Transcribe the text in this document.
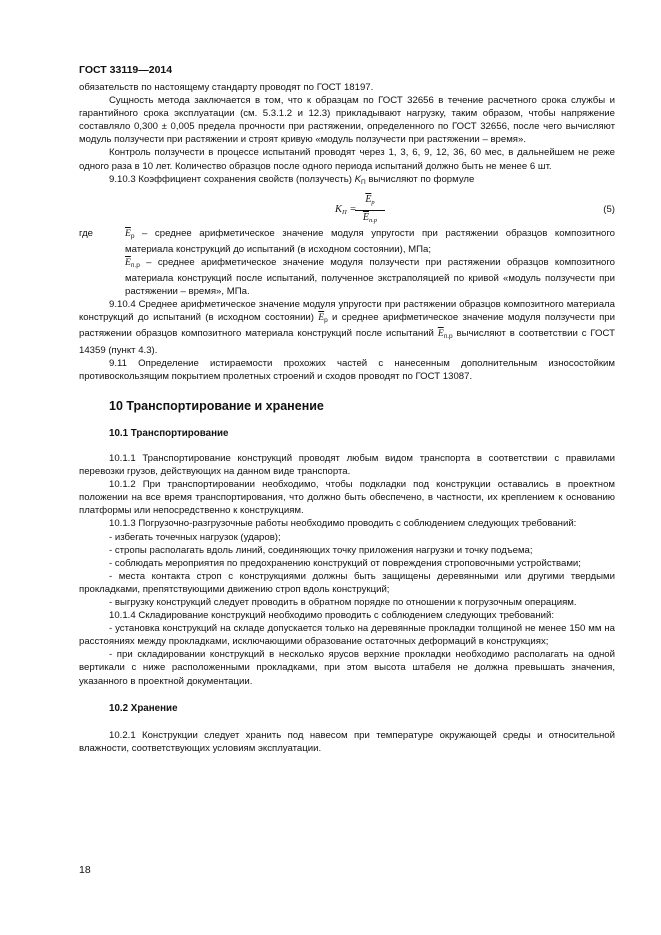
ГОСТ 33119—2014

обязательств по настоящему стандарту проводят по ГОСТ 18197.

Сущность метода заключается в том, что к образцам по ГОСТ 32656 в течение расчетного срока службы и гарантийного срока эксплуатации (см. 5.3.1.2 и 12.3) прикладывают нагрузку, таким образом, чтобы напряжение составляло 0,300 ± 0,005 предела прочности при растяжении, определенного по ГОСТ 32656, после чего вычисляют модуль ползучести при растяжении и строят кривую «модуль ползучести при растяжении – время».

Контроль ползучести в процессе испытаний проводят через 1, 3, 6, 9, 12, 36, 60 мес, в дальнейшем не реже одного раза в 10 лет. Количество образцов после одного периода испытаний должно быть не менее 6 шт.

9.10.3 Коэффициент сохранения свойств (ползучесть) $K_П$ вычисляют по формуле

$K_П$ =
$\overline{E}_р$
$\overline{E}_{п.р}$
(5)
где	$\overline{E}_р$ – среднее арифметическое значение модуля упругости при растяжении образцов композитного материала конструкций до испытаний (в исходном состоянии), МПа;
$\overline{E}_{п.р}$ – среднее арифметическое значение модуля ползучести при растяжении образцов композитного материала конструкций после испытаний, полученное экстраполяцией по кривой «модуль ползучести при растяжении – время», МПа.

9.10.4 Среднее арифметическое значение модуля упругости при растяжении образцов композитного материала конструкций до испытаний (в исходном состоянии) $\overline{E}_р$ и среднее арифметическое значение модуля ползучести при растяжении образцов композитного материала конструкций после испытаний $\overline{E}_{п.р}$ вычисляют в соответствии с ГОСТ 14359 (пункт 4.3).

9.11 Определение истираемости прохожих частей с нанесенным дополнительным износостойким противоскользящим покрытием пролетных строений и сходов проводят по ГОСТ 13087.

10 Транспортирование и хранение
10.1 Транспортирование

10.1.1 Транспортирование конструкций проводят любым видом транспорта в соответствии с правилами перевозки грузов, действующих на данном виде транспорта.

10.1.2 При транспортировании необходимо, чтобы подкладки под конструкции оставались в проектном положении на все время транспортирования, что должно быть обеспечено, в частности, их креплением к основанию платформы или непосредственно к конструкциям.

10.1.3 Погрузочно-разгрузочные работы необходимо проводить с соблюдением следующих требований:

- избегать точечных нагрузок (ударов);

- стропы располагать вдоль линий, соединяющих точку приложения нагрузки и точку подъема;

- соблюдать мероприятия по предохранению конструкций от повреждения строповочными устройствами;

- места контакта строп с конструкциями должны быть защищены деревянными или другими твердыми прокладками, препятствующими движению строп вдоль конструкций;

- выгрузку конструкций следует проводить в обратном порядке по отношении к погрузочным операциям.

10.1.4 Складирование конструкций необходимо проводить с соблюдением следующих требований:

- установка конструкций на складе допускается только на деревянные прокладки толщиной не менее 150 мм на расстояниях между прокладками, исключающими образование остаточных деформаций в конструкциях;

- при складировании конструкций в несколько ярусов верхние прокладки необходимо располагать на одной вертикали с ниже расположенными прокладками, при этом высота штабеля не должна превышать значения, указанного в проектной документации.

10.2 Хранение

10.2.1 Конструкции следует хранить под навесом при температуре окружающей среды и относительной влажности, соответствующих условиям эксплуатации.

18
